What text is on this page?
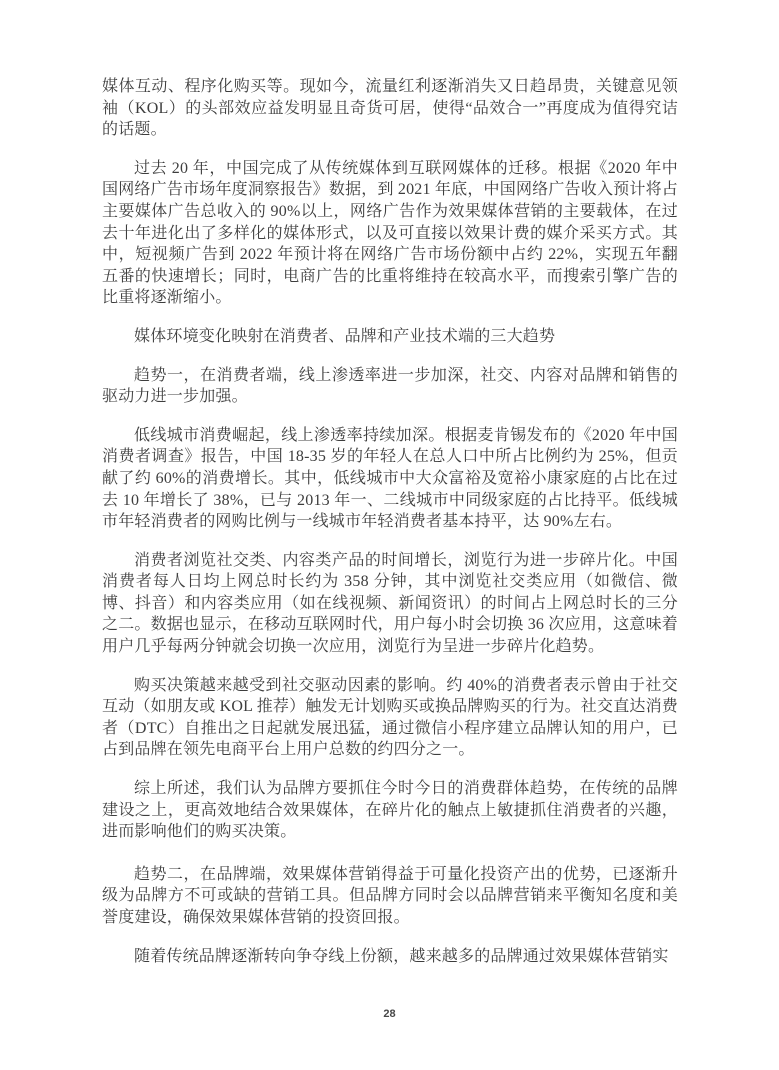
媒体互动、程序化购买等。现如今，流量红利逐渐消失又日趋昂贵，关键意见领袖（KOL）的头部效应益发明显且奇货可居，使得“品效合一”再度成为值得究诘的话题。

过去 20 年，中国完成了从传统媒体到互联网媒体的迁移。根据《2020 年中国网络广告市场年度洞察报告》数据，到 2021 年底，中国网络广告收入预计将占主要媒体广告总收入的 90%以上，网络广告作为效果媒体营销的主要载体，在过去十年进化出了多样化的媒体形式，以及可直接以效果计费的媒介采买方式。其中，短视频广告到 2022 年预计将在网络广告市场份额中占约 22%，实现五年翻五番的快速增长；同时，电商广告的比重将维持在较高水平，而搜索引擎广告的比重将逐渐缩小。

媒体环境变化映射在消费者、品牌和产业技术端的三大趋势

趋势一，在消费者端，线上渗透率进一步加深，社交、内容对品牌和销售的驱动力进一步加强。

低线城市消费崛起，线上渗透率持续加深。根据麦肯锡发布的《2020 年中国消费者调查》报告，中国 18-35 岁的年轻人在总人口中所占比例约为 25%，但贡献了约 60%的消费增长。其中，低线城市中大众富裕及宽裕小康家庭的占比在过去 10 年增长了 38%，已与 2013 年一、二线城市中同级家庭的占比持平。低线城市年轻消费者的网购比例与一线城市年轻消费者基本持平，达 90%左右。

消费者浏览社交类、内容类产品的时间增长，浏览行为进一步碎片化。中国消费者每人日均上网总时长约为 358 分钟，其中浏览社交类应用（如微信、微博、抖音）和内容类应用（如在线视频、新闻资讯）的时间占上网总时长的三分之二。数据也显示，在移动互联网时代，用户每小时会切换 36 次应用，这意味着用户几乎每两分钟就会切换一次应用，浏览行为呈进一步碎片化趋势。

购买决策越来越受到社交驱动因素的影响。约 40%的消费者表示曾由于社交互动（如朋友或 KOL 推荐）触发无计划购买或换品牌购买的行为。社交直达消费者（DTC）自推出之日起就发展迅猛，通过微信小程序建立品牌认知的用户，已占到品牌在领先电商平台上用户总数的约四分之一。

综上所述，我们认为品牌方要抓住今时今日的消费群体趋势，在传统的品牌建设之上，更高效地结合效果媒体，在碎片化的触点上敏捷抓住消费者的兴趣，进而影响他们的购买决策。

趋势二，在品牌端，效果媒体营销得益于可量化投资产出的优势，已逐渐升级为品牌方不可或缺的营销工具。但品牌方同时会以品牌营销来平衡知名度和美誉度建设，确保效果媒体营销的投资回报。

随着传统品牌逐渐转向争夺线上份额，越来越多的品牌通过效果媒体营销实

28
